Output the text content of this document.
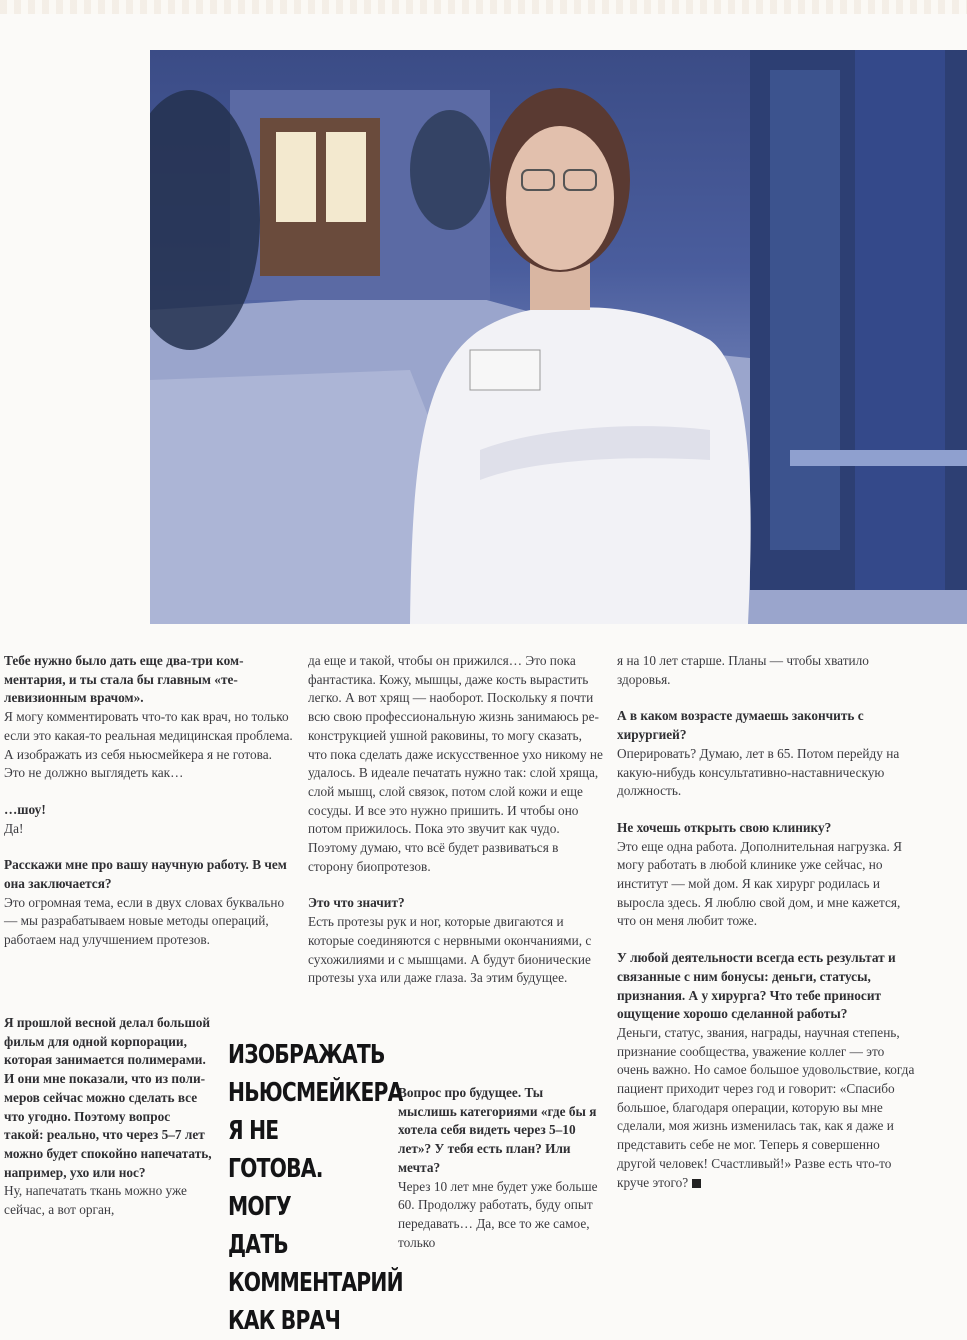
Тебе нужно было дать еще два-три комментария, и ты стала бы главным «телевизионным врачом».

Я могу комментировать что-то как врач, но только если это какая-то реальная медицинская проблема. А изображать из себя ньюсмейкера я не готова. Это не должно выглядеть как…

…шоу!

Да!

Расскажи мне про вашу научную работу. В чем она заключается?

Это огромная тема, если в двух словах буквально — мы разрабатываем новые методы операций, работаем над улучшением протезов.

Я прошлой весной делал большой фильм для одной корпорации, которая занимается полимерами. И они мне показали, что из полимеров сейчас можно сделать все что угодно. Поэтому вопрос такой: реально, что через 5–7 лет можно будет спокойно напечатать, например, ухо или нос?

Ну, напечатать ткань можно уже сейчас, а вот орган,

да еще и такой, чтобы он прижился… Это пока фантастика. Кожу, мышцы, даже кость вырастить легко. А вот хрящ — наоборот. Поскольку я почти всю свою профессиональную жизнь занимаюсь реконструкцией ушной раковины, то могу сказать, что пока сделать даже искусственное ухо никому не удалось. В идеале печатать нужно так: слой хряща, слой мышц, слой связок, потом слой кожи и еще сосуды. И все это нужно пришить. И чтобы оно потом прижилось. Пока это звучит как чудо. Поэтому думаю, что всё будет развиваться в сторону биопротезов.

Это что значит?

Есть протезы рук и ног, которые двигаются и которые соединяются с нервными окончаниями, с сухожилиями и с мышцами. А будут бионические протезы уха или даже глаза. За этим будущее.

Вопрос про будущее. Ты мыслишь категориями «где бы я хотела себя видеть через 5–10 лет»? У тебя есть план? Или мечта?

Через 10 лет мне будет уже больше 60. Продолжу работать, буду опыт передавать… Да, все то же самое, только

ИЗОБРАЖАТЬ НЬЮСМЕЙКЕРА Я НЕ ГОТОВА. МОГУ ДАТЬ КОММЕНТАРИЙ КАК ВРАЧ

я на 10 лет старше. Планы — чтобы хватило здоровья.

А в каком возрасте думаешь закончить с хирургией?

Оперировать? Думаю, лет в 65. Потом перейду на какую-нибудь консультативно-наставническую должность.

Не хочешь открыть свою клинику?

Это еще одна работа. Дополнительная нагрузка. Я могу работать в любой клинике уже сейчас, но институт — мой дом. Я как хирург родилась и выросла здесь. Я люблю свой дом, и мне кажется, что он меня любит тоже.

У любой деятельности всегда есть результат и связанные с ним бонусы: деньги, статусы, признания. А у хирурга? Что тебе приносит ощущение хорошо сделанной работы?

Деньги, статус, звания, награды, научная степень, признание сообщества, уважение коллег — это очень важно. Но самое большое удовольствие, когда пациент приходит через год и говорит: «Спасибо большое, благодаря операции, которую вы мне сделали, моя жизнь изменилась так, как я даже и представить себе не мог. Теперь я совершенно другой человек! Счастливый!» Разве есть что-то круче этого?
